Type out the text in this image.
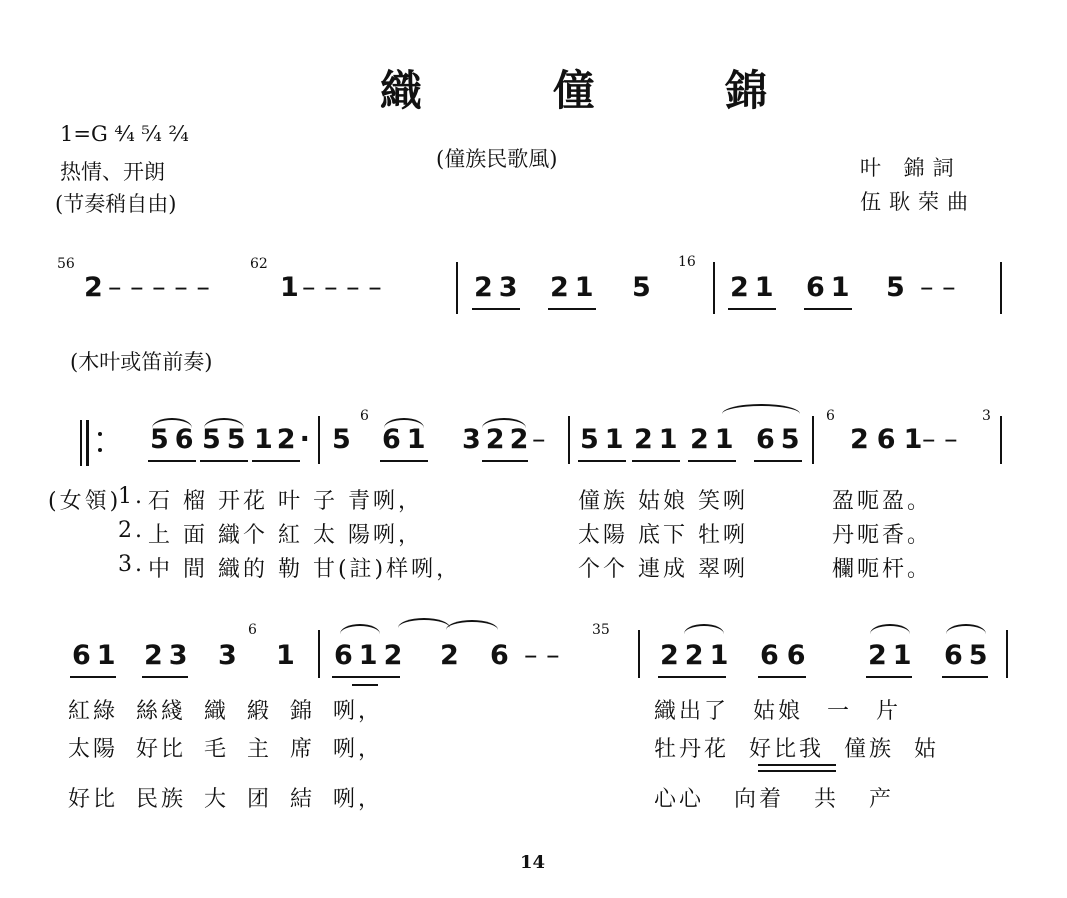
織 僮 錦
1=G ⁴⁄₄ ⁵⁄₄ ²⁄₄
热情、开朗
(节奏稍自由)
(僮族民歌風)	叶 錦詞
伍耿荣曲
56
2 – – – – –
62
1 – – – –	23 21 5
16
21 61 5 – –
(木叶或笛前奏)
56 55 12· 5
6
61 322
– 51 21 21 65
6
261
– –
3
(女領)
1. 石 榴 开花 叶 子 青咧，	僮族 姑娘 笑咧	盈呃盈。
2. 上 面 織个 紅 太 陽咧，	太陽 底下 牡咧	丹呃香。
3. 中 間 織的 勒 甘(註)样咧，	个个 連成 翠咧	欄呃杆。
61 23 3
6
1 612 2 6 – –
35
221 66 21 65
紅綠 絲綫 織 緞 錦 咧，	織出了 姑娘 一 片
太陽 好比 毛 主 席 咧，	牡丹花 好比我 僮族 姑
好比 民族 大 团 結 咧，	心心 向着 共 产
14
